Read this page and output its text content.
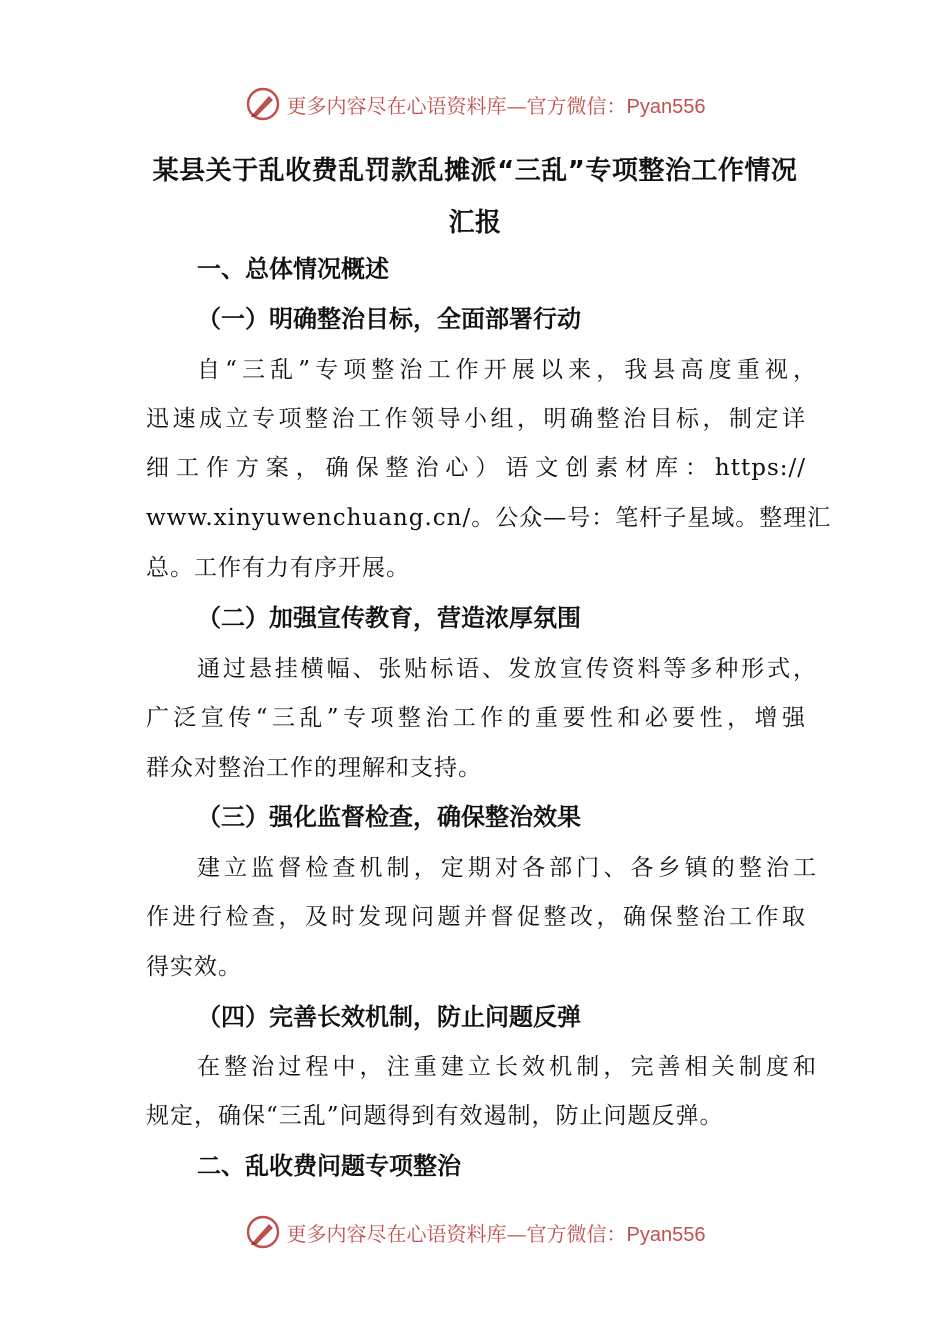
更多内容尽在心语资料库—官方微信：Pyan556
某县关于乱收费乱罚款乱摊派“三乱”专项整治工作情况
汇报
一、总体情况概述
（一）明确整治目标，全面部署行动
自“三乱”专项整治工作开展以来，我县高度重视，
迅速成立专项整治工作领导小组，明确整治目标，制定详
细工作方案，确保整治心）语文创素材库：https://
www.xinyuwenchuang.cn/。公众—号：笔杆子星域。整理汇
总。工作有力有序开展。
（二）加强宣传教育，营造浓厚氛围
通过悬挂横幅、张贴标语、发放宣传资料等多种形式，
广泛宣传“三乱”专项整治工作的重要性和必要性，增强
群众对整治工作的理解和支持。
（三）强化监督检查，确保整治效果
建立监督检查机制，定期对各部门、各乡镇的整治工
作进行检查，及时发现问题并督促整改，确保整治工作取
得实效。
（四）完善长效机制，防止问题反弹
在整治过程中，注重建立长效机制，完善相关制度和
规定，确保“三乱”问题得到有效遏制，防止问题反弹。
二、乱收费问题专项整治
更多内容尽在心语资料库—官方微信：Pyan556
